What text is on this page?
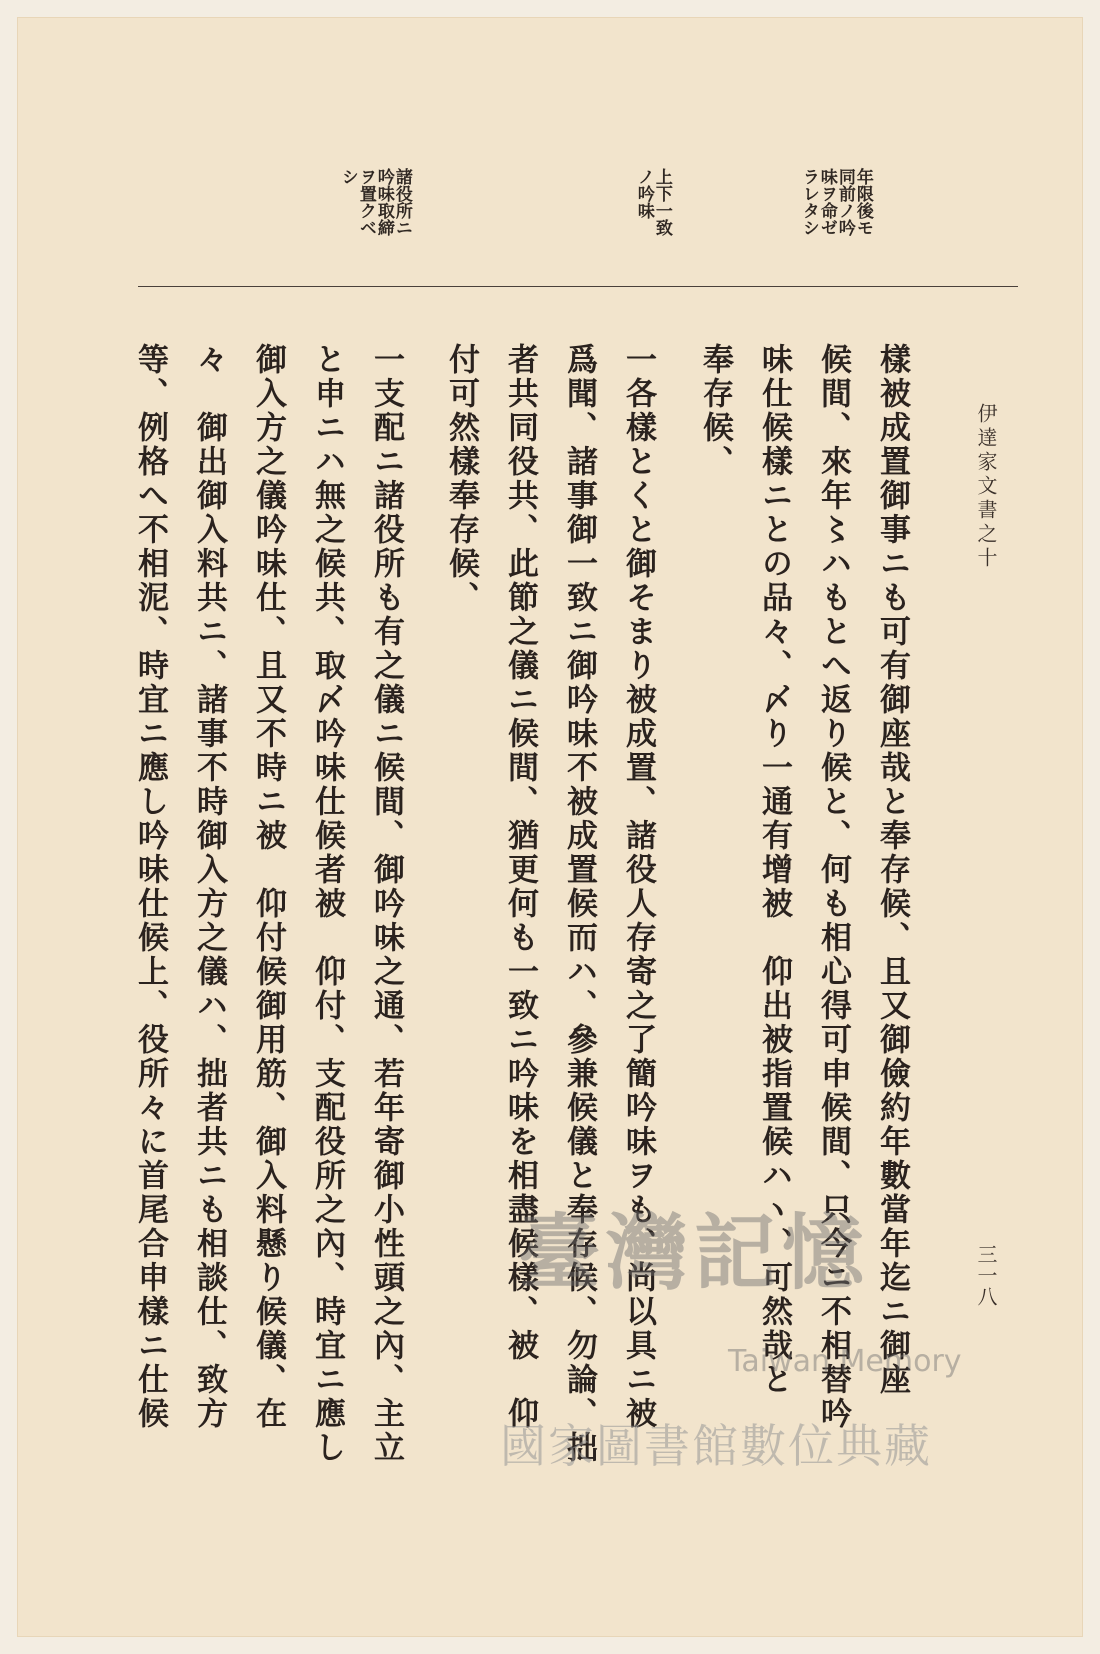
伊達家文書之十
三一八
年限後モ
同前ノ吟
味ヲ命ゼ
ラレタシ
上下一致
ノ吟味
諸役所ニ
吟味取締
ヲ置クベ
シ
樣被成置御事ニも可有御座哉と奉存候、且又御儉約年數當年迄ニ御座
候間、來年〻ハもとへ返り候と、何も相心得可申候間、只今ニ不相替吟
味仕候樣ニとの品々、〆り一通有增被　仰出被指置候ハヽ、可然哉と
奉存候、
一各樣とくと御そまり被成置、諸役人存寄之了簡吟味ヲも、尚以具ニ被
爲聞、諸事御一致ニ御吟味不被成置候而ハ、參兼候儀と奉存候、勿論、拙
者共同役共、此節之儀ニ候間、猶更何も一致ニ吟味を相盡候樣、被　仰
付可然樣奉存候、
一支配ニ諸役所も有之儀ニ候間、御吟味之通、若年寄御小性頭之內、主立
と申ニハ無之候共、取〆吟味仕候者被　仰付、支配役所之內、時宜ニ應し
御入方之儀吟味仕、且又不時ニ被　仰付候御用筋、御入料懸り候儀、在
々　御出御入料共ニ、諸事不時御入方之儀ハ、拙者共ニも相談仕、致方
等、例格へ不相泥、時宜ニ應し吟味仕候上、役所々に首尾合申樣ニ仕候	臺灣記憶
Taiwan Memory
國家圖書館數位典藏
